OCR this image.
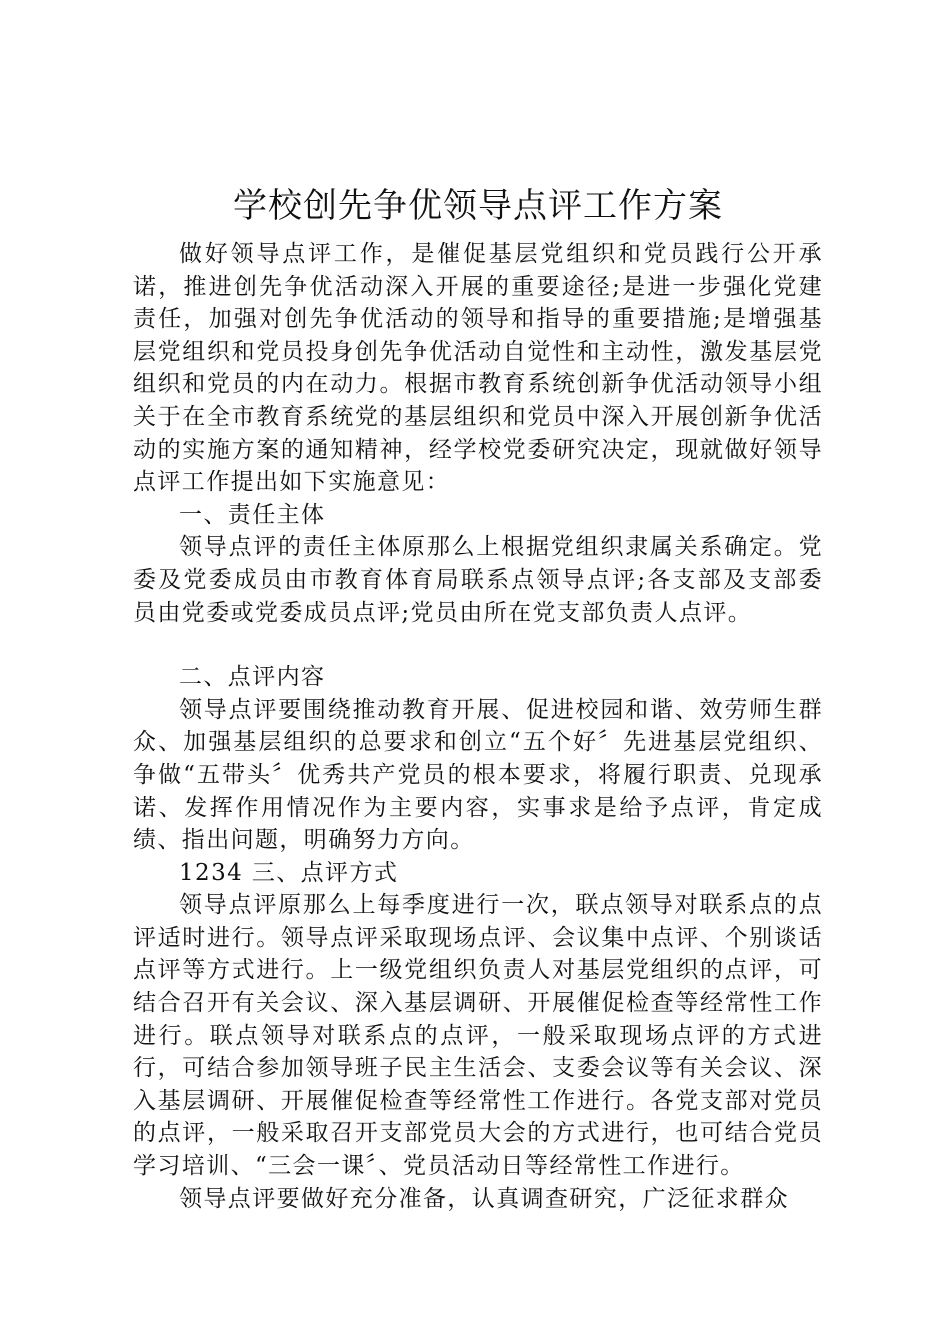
学校创先争优领导点评工作方案

做好领导点评工作，是催促基层党组织和党员践行公开承诺，推进创先争优活动深入开展的重要途径;是进一步强化党建责任，加强对创先争优活动的领导和指导的重要措施;是增强基层党组织和党员投身创先争优活动自觉性和主动性，激发基层党组织和党员的内在动力。根据市教育系统创新争优活动领导小组关于在全市教育系统党的基层组织和党员中深入开展创新争优活动的实施方案的通知精神，经学校党委研究决定，现就做好领导点评工作提出如下实施意见：

一、责任主体

领导点评的责任主体原那么上根据党组织隶属关系确定。党委及党委成员由市教育体育局联系点领导点评;各支部及支部委员由党委或党委成员点评;党员由所在党支部负责人点评。

二、点评内容

领导点评要围绕推动教育开展、促进校园和谐、效劳师生群众、加强基层组织的总要求和创立“五个好〞先进基层党组织、争做“五带头〞优秀共产党员的根本要求，将履行职责、兑现承诺、发挥作用情况作为主要内容，实事求是给予点评，肯定成绩、指出问题，明确努力方向。

1234 三、点评方式

领导点评原那么上每季度进行一次，联点领导对联系点的点评适时进行。领导点评采取现场点评、会议集中点评、个别谈话点评等方式进行。上一级党组织负责人对基层党组织的点评，可结合召开有关会议、深入基层调研、开展催促检查等经常性工作进行。联点领导对联系点的点评，一般采取现场点评的方式进行，可结合参加领导班子民主生活会、支委会议等有关会议、深入基层调研、开展催促检查等经常性工作进行。各党支部对党员的点评，一般采取召开支部党员大会的方式进行，也可结合党员学习培训、“三会一课〞、党员活动日等经常性工作进行。

领导点评要做好充分准备，认真调查研究，广泛征求群众
